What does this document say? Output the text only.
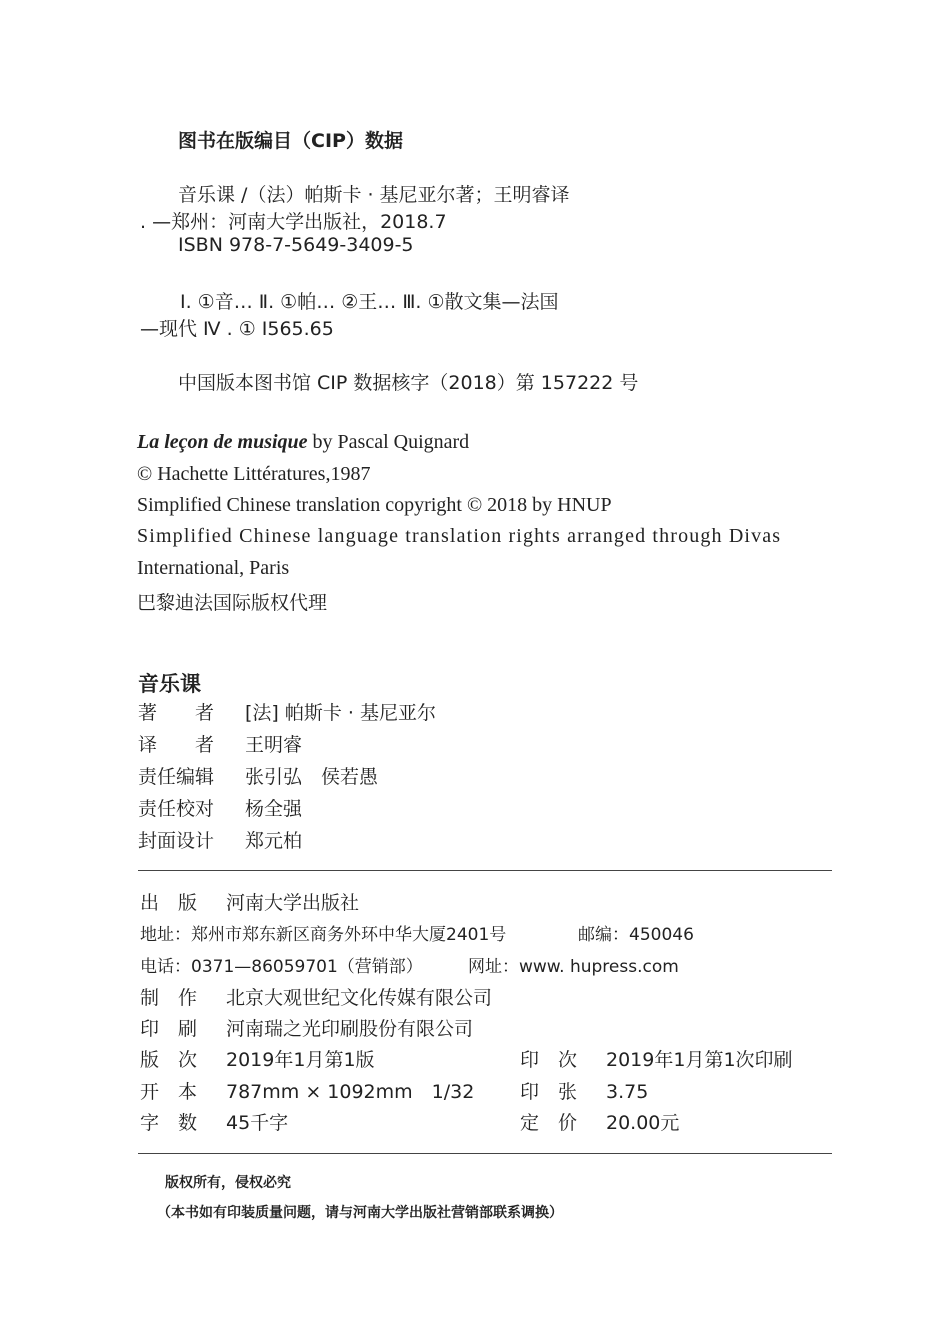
图书在版编目（CIP）数据
音乐课 /（法）帕斯卡 · 基尼亚尔著；王明睿译
. —郑州：河南大学出版社，2018.7
ISBN 978-7-5649-3409-5
Ⅰ. ①音… Ⅱ. ①帕… ②王… Ⅲ. ①散文集—法国
—现代 Ⅳ . ① I565.65
中国版本图书馆 CIP 数据核字（2018）第 157222 号
La leçon de musique by Pascal Quignard
© Hachette Littératures,1987
Simplified Chinese translation copyright © 2018 by HNUP
Simplified Chinese language translation rights arranged through Divas
International, Paris
巴黎迪法国际版权代理
音乐课
著　　者 [法] 帕斯卡 · 基尼亚尔
译　　者 王明睿
责任编辑 张引弘　侯若愚
责任校对 杨全强
封面设计 郑元柏
出　版 河南大学出版社
地址：郑州市郑东新区商务外环中华大厦2401号	邮编：450046
电话：0371—86059701（营销部）	网址：www. hupress.com
制　作 北京大观世纪文化传媒有限公司
印　刷 河南瑞之光印刷股份有限公司
版　次 2019年1月第1版	印　次 2019年1月第1次印刷
开　本 787mm × 1092mm　1/32 印　张 3.75
字　数 45千字	定　价 20.00元
版权所有，侵权必究
（本书如有印装质量问题，请与河南大学出版社营销部联系调换）
